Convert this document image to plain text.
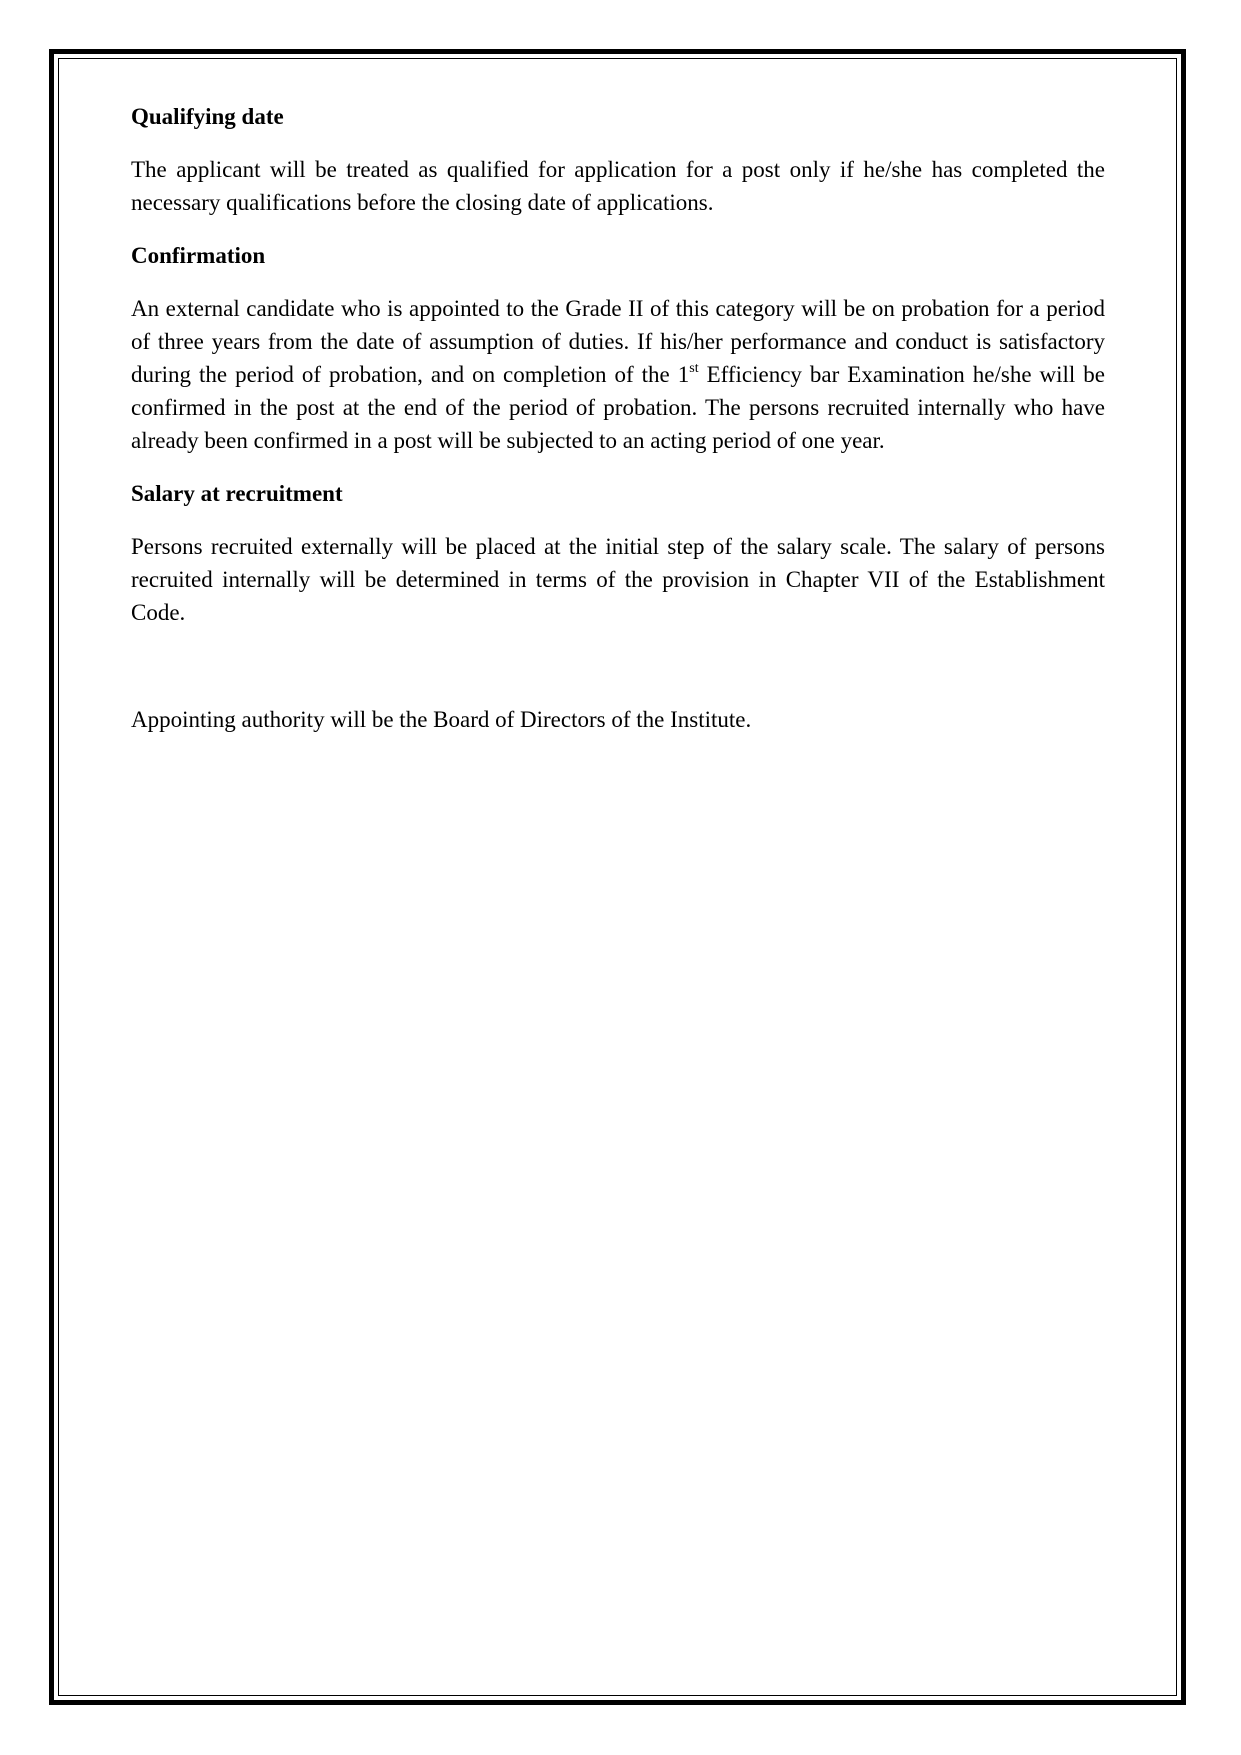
Qualifying date

The applicant will be treated as qualified for application for a post only if he/she has completed the necessary qualifications before the closing date of applications.

Confirmation

An external candidate who is appointed to the Grade II of this category will be on probation for a period of three years from the date of assumption of duties. If his/her performance and conduct is satisfactory during the period of probation, and on completion of the 1st Efficiency bar Examination he/she will be confirmed in the post at the end of the period of probation. The persons recruited internally who have already been confirmed in a post will be subjected to an acting period of one year.

Salary at recruitment

Persons recruited externally will be placed at the initial step of the salary scale. The salary of persons recruited internally will be determined in terms of the provision in Chapter VII of the Establishment Code.

Appointing authority will be the Board of Directors of the Institute.
